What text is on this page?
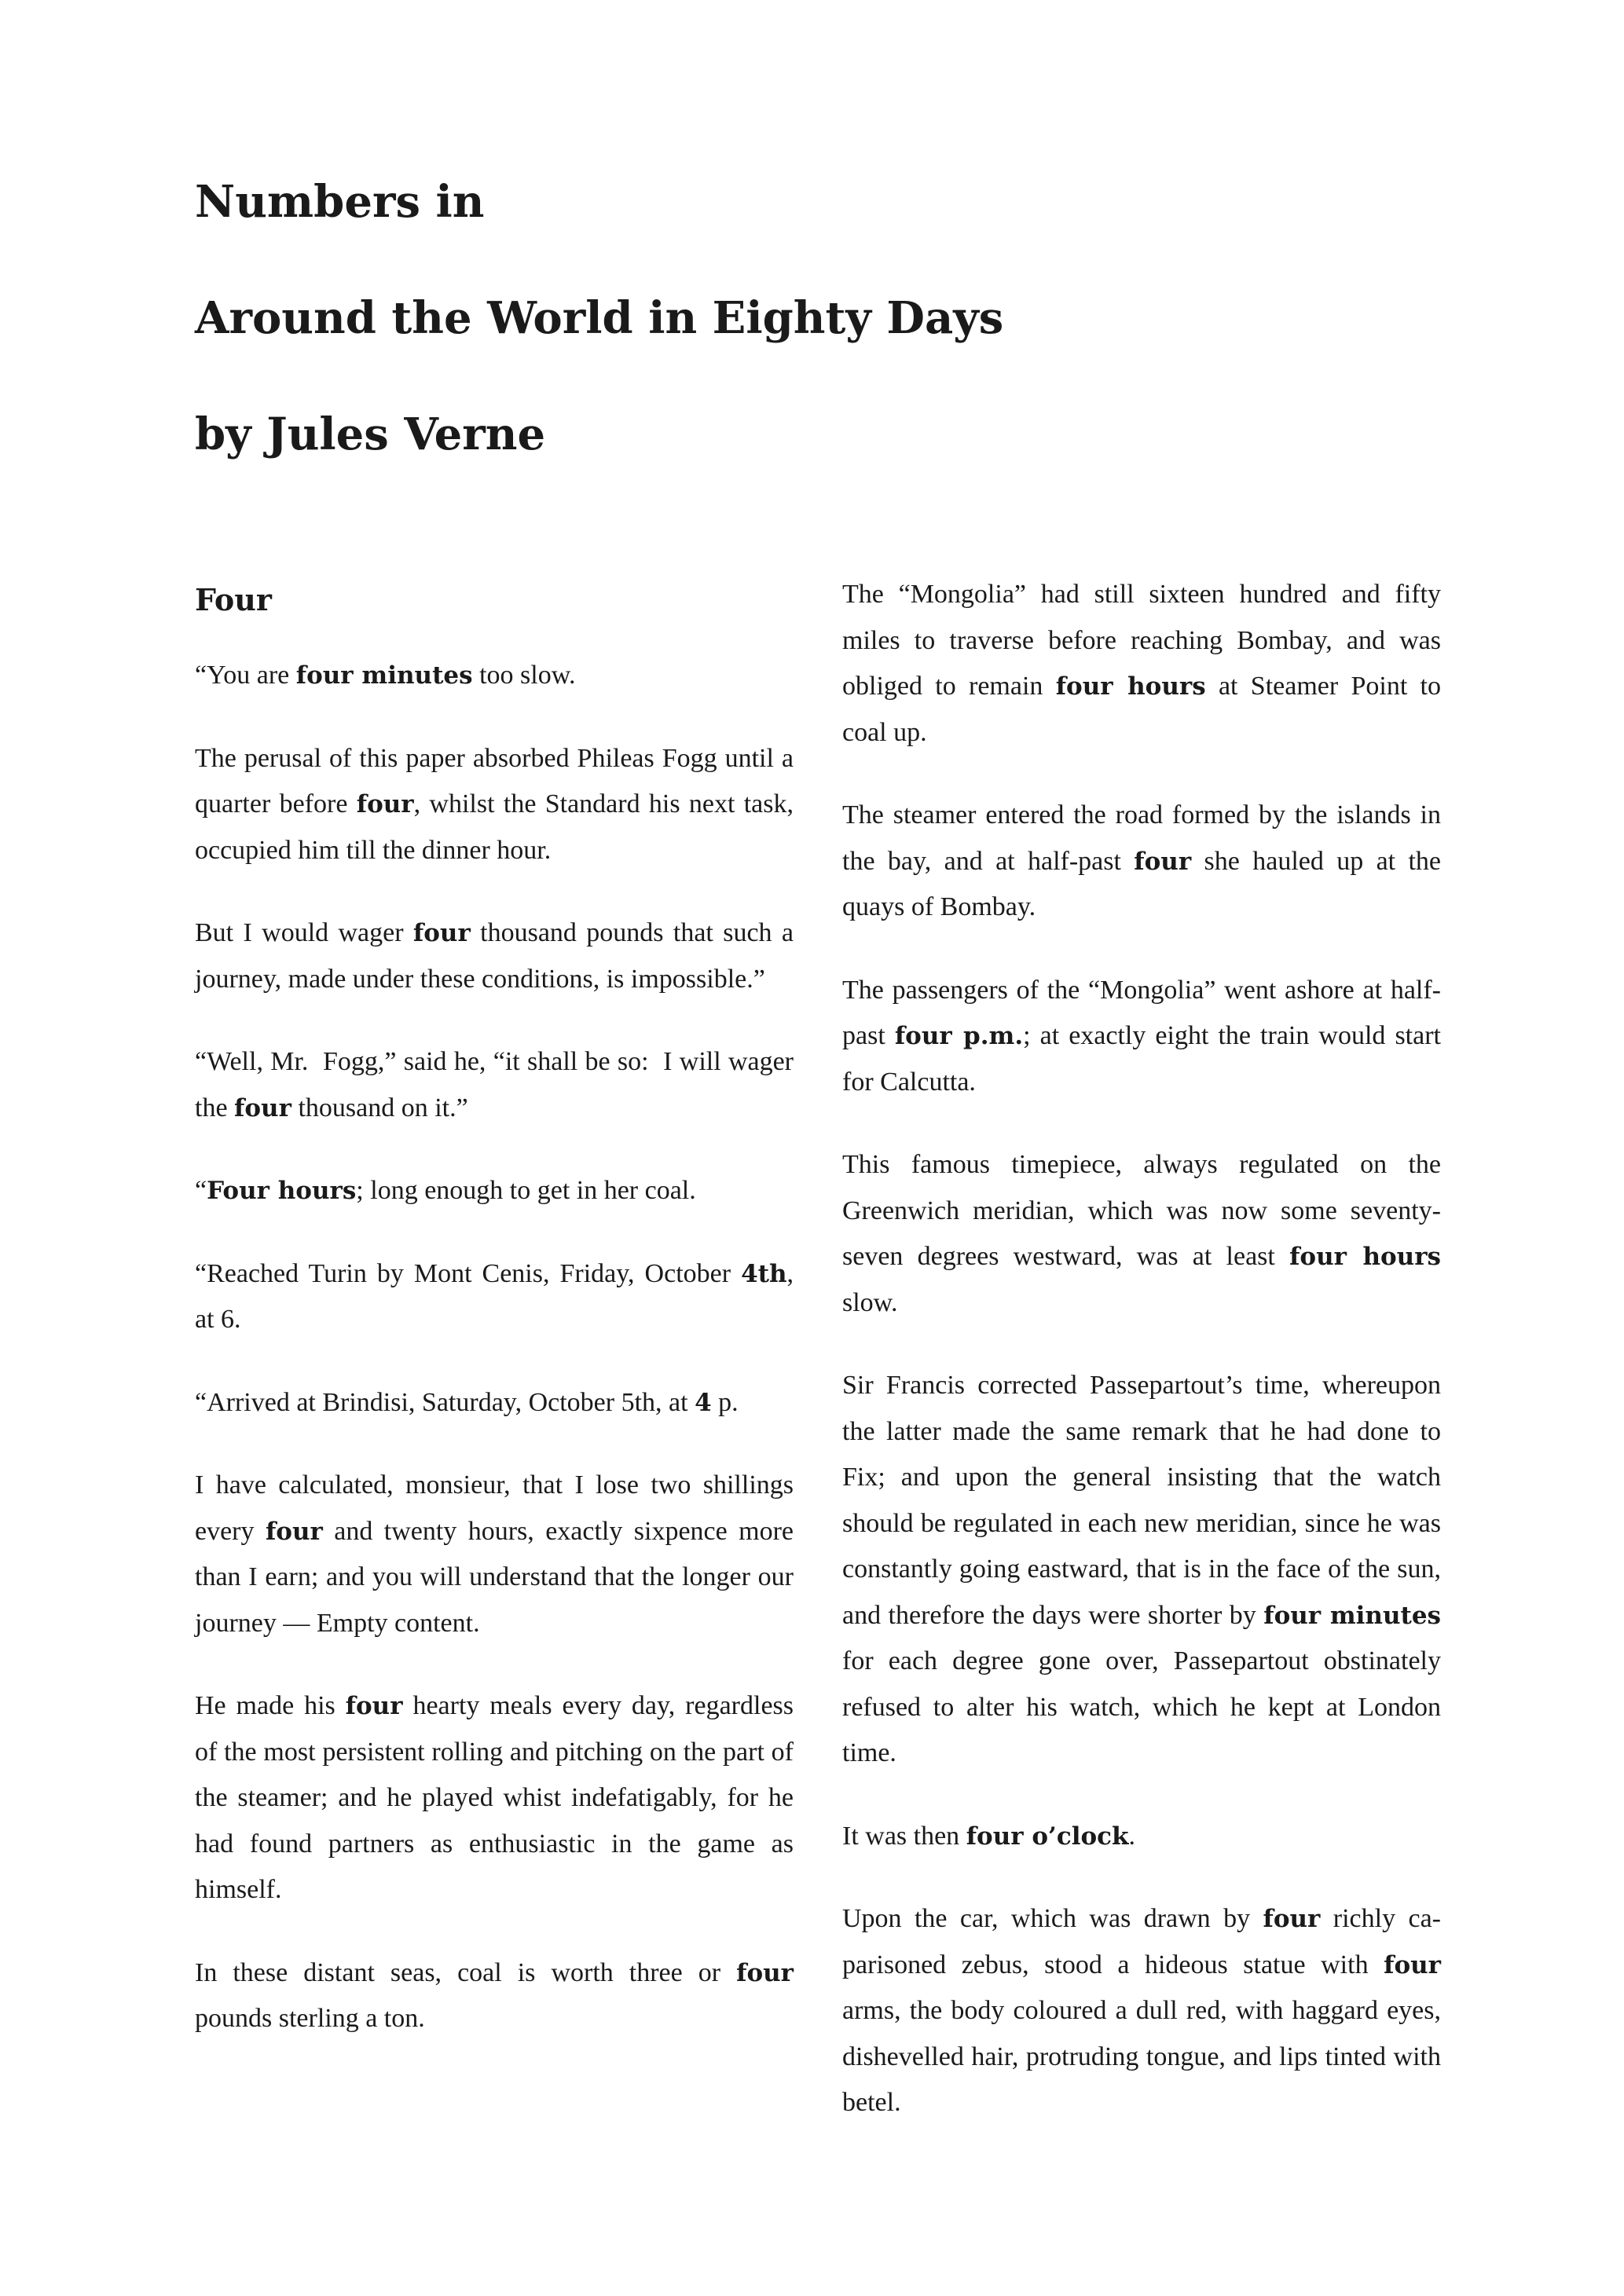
Numbers in
Around the World in Eighty Days
by Jules Verne
Four

“You are four minutes too slow.

The perusal of this paper absorbed Phileas Fogg until a quarter before four, whilst the Standard his next task, occupied him till the dinner hour.

But I would wager four thousand pounds that such a journey, made under these conditions, is impossible.”

“Well, Mr.  Fogg,” said he, “it shall be so:  I will wager the four thousand on it.”

“Four hours; long enough to get in her coal.

“Reached Turin by Mont Cenis, Friday, October 4th, at 6.

“Arrived at Brindisi, Saturday, October 5th, at 4 p.

I have calculated, monsieur, that I lose two shillings every four and twenty hours, exactly sixpence more than I earn; and you will understand that the longer our journey — Empty content.

He made his four hearty meals every day, regardless of the most persistent rolling and pitching on the part of the steamer; and he played whist indefatigably, for he had found partners as enthusiastic in the game as himself.

In these distant seas, coal is worth three or four pounds sterling a ton.

The “Mongolia” had still sixteen hundred and fifty miles to traverse before reaching Bombay, and was obliged to remain four hours at Steamer Point to coal up.

The steamer entered the road formed by the islands in the bay, and at half-past four she hauled up at the quays of Bombay.

The passengers of the “Mongolia” went ashore at half-past four p.m.; at exactly eight the train would start for Calcutta.

This famous timepiece, always regulated on the Greenwich meridian, which was now some seventy-seven degrees westward, was at least four hours slow.

Sir Francis corrected Passepartout’s time, whereupon the latter made the same remark that he had done to Fix; and upon the general insisting that the watch should be regulated in each new meridian, since he was constantly going eastward, that is in the face of the sun, and therefore the days were shorter by four minutes for each degree gone over, Passepartout obstinately refused to alter his watch, which he kept at London time.

It was then four o’clock.

Upon the car, which was drawn by four richly caparisoned zebus, stood a hideous statue with four arms, the body coloured a dull red, with haggard eyes, dishevelled hair, protruding tongue, and lips tinted with betel.
